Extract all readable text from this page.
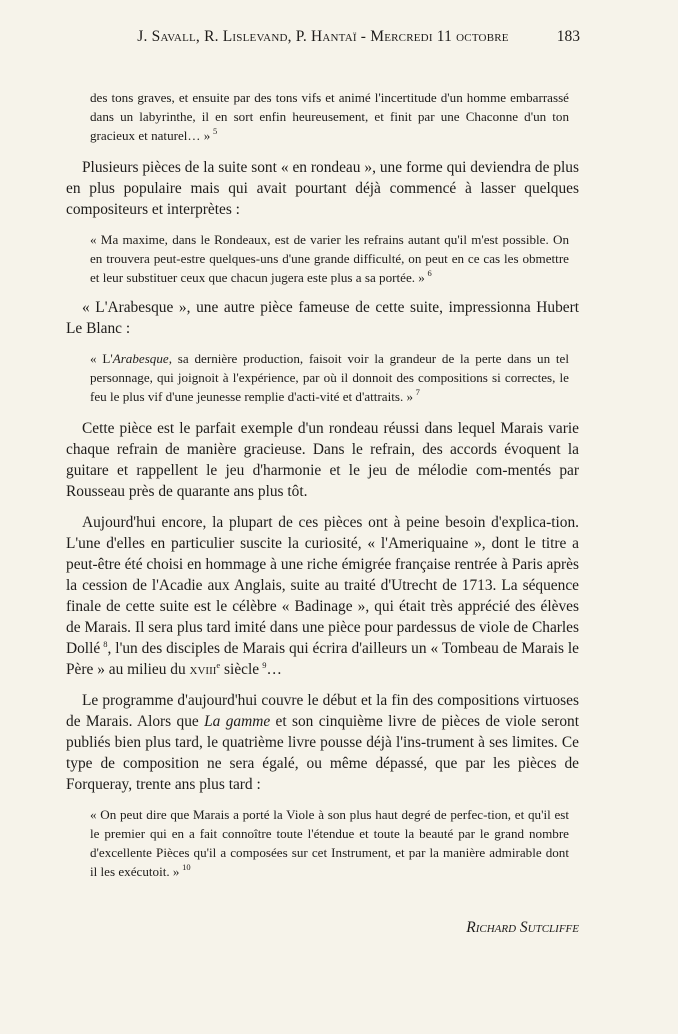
J. Savall, R. Lislevand, P. Hantaï - Mercredi 11 octobre	183

des tons graves, et ensuite par des tons vifs et animé l'incertitude d'un homme embarrassé dans un labyrinthe, il en sort enfin heureusement, et finit par une Chaconne d'un ton gracieux et naturel… »  $^5$

Plusieurs pièces de la suite sont « en rondeau », une forme qui deviendra de plus en plus populaire mais qui avait pourtant déjà commencé à lasser quelques compositeurs et interprètes :

« Ma maxime, dans le Rondeaux, est de varier les refrains autant qu'il m'est possible. On en trouvera peut-estre quelques-uns d'une grande difficulté, on peut en ce cas les obmettre et leur substituer ceux que chacun jugera este plus a sa portée. »  $^6$

« L'Arabesque », une autre pièce fameuse de cette suite, impressionna Hubert Le Blanc :

« L'Arabesque, sa dernière production, faisoit voir la grandeur de la perte dans un tel personnage, qui joignoit à l'expérience, par où il donnoit des compositions si correctes, le feu le plus vif d'une jeunesse remplie d'acti-vité et d'attraits. »  $^7$

Cette pièce est le parfait exemple d'un rondeau réussi dans lequel Marais varie chaque refrain de manière gracieuse. Dans le refrain, des accords évoquent la guitare et rappellent le jeu d'harmonie et le jeu de mélodie com-mentés par Rousseau près de quarante ans plus tôt.

Aujourd'hui encore, la plupart de ces pièces ont à peine besoin d'explica-tion. L'une d'elles en particulier suscite la curiosité, « l'Ameriquaine », dont le titre a peut-être été choisi en hommage à une riche émigrée française rentrée à Paris après la cession de l'Acadie aux Anglais, suite au traité d'Utrecht de 1713. La séquence finale de cette suite est le célèbre « Badinage », qui était très apprécié des élèves de Marais. Il sera plus tard imité dans une pièce pour pardessus de viole de Charles Dollé  $^8$, l'un des disciples de Marais qui écrira d'ailleurs un « Tombeau de Marais le Père » au milieu du xviii$^e$ siècle  $^9$…

Le programme d'aujourd'hui couvre le début et la fin des compositions virtuoses de Marais. Alors que La gamme et son cinquième livre de pièces de viole seront publiés bien plus tard, le quatrième livre pousse déjà l'ins-trument à ses limites. Ce type de composition ne sera égalé, ou même dépassé, que par les pièces de Forqueray, trente ans plus tard :

« On peut dire que Marais a porté la Viole à son plus haut degré de perfec-tion, et qu'il est le premier qui en a fait connoître toute l'étendue et toute la beauté par le grand nombre d'excellente Pièces qu'il a composées sur cet Instrument, et par la manière admirable dont il les exécutoit. »  $^{10}$

Richard Sutcliffe
